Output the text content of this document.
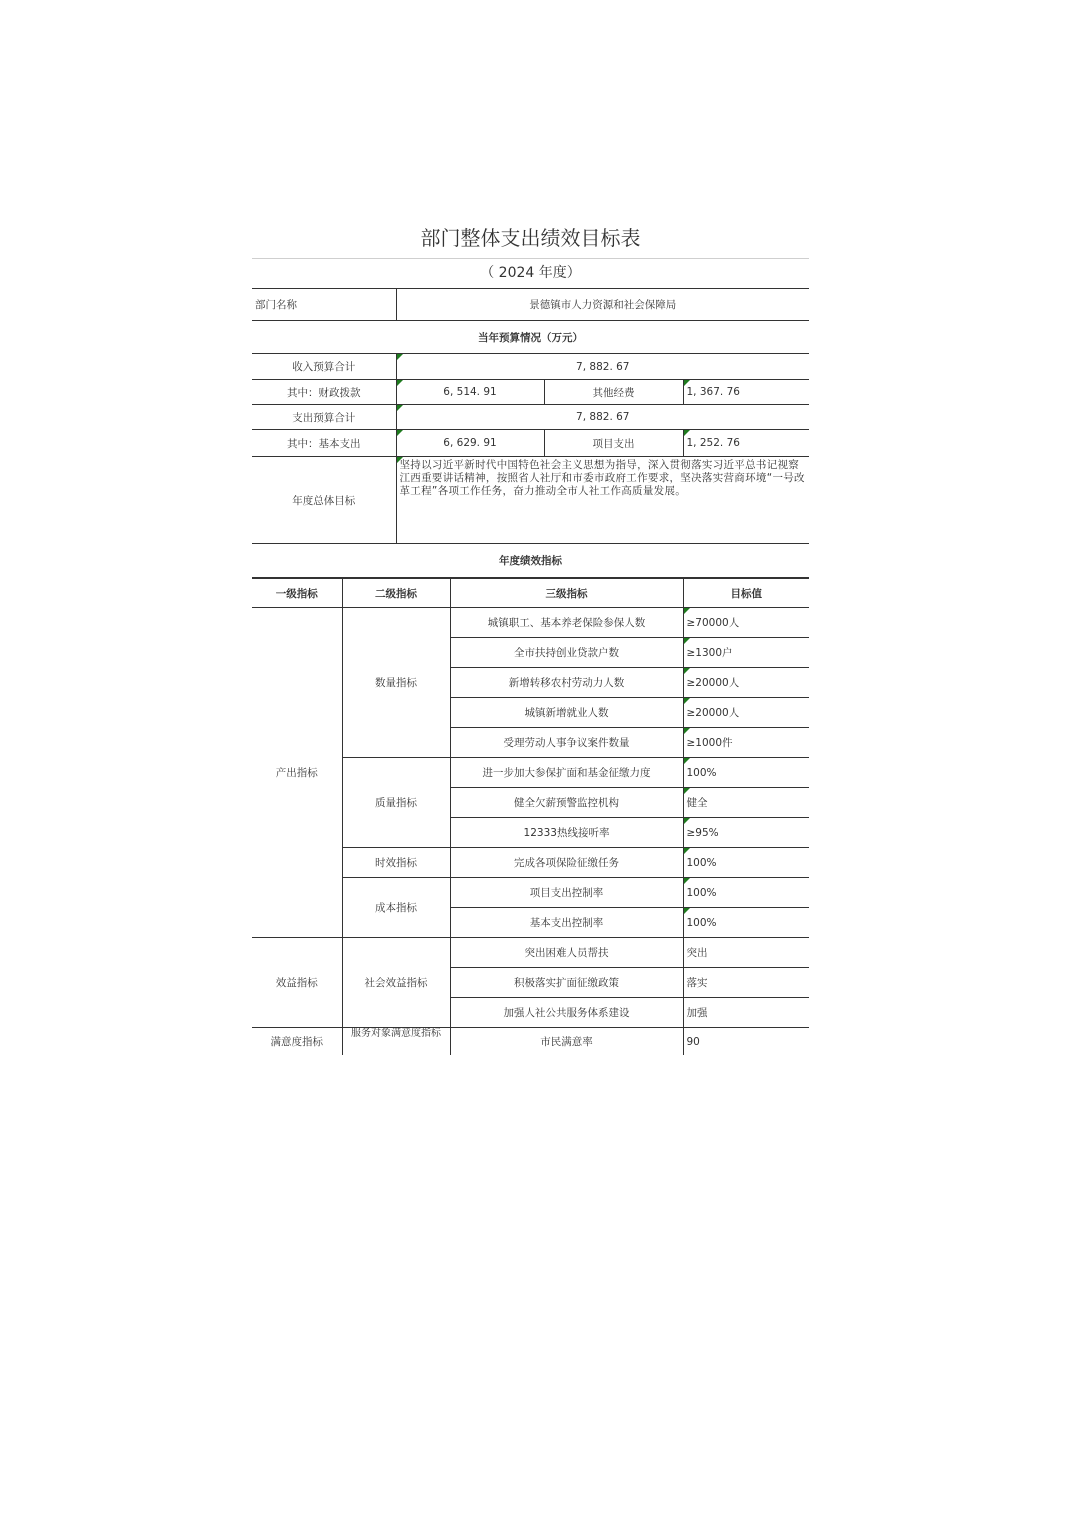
部门整体支出绩效目标表
（ 2024 年度）
部门名称	景德镇市人力资源和社会保障局		
当年预算情况（万元）			
收入预算合计	7, 882. 67		
其中：财政拨款	6, 514. 91	其他经费	1, 367. 76
支出预算合计	7, 882. 67		
其中：基本支出	6, 629. 91	项目支出	1, 252. 76
年度总体目标	坚持以习近平新时代中国特色社会主义思想为指导，深入贯彻落实习近平总书记视察江西重要讲话精神，按照省人社厅和市委市政府工作要求，坚决落实营商环境“一号改革工程”各项工作任务，奋力推动全市人社工作高质量发展。		
年度绩效指标			
一级指标	二级指标	三级指标	目标值
产出指标	数量指标	城镇职工、基本养老保险参保人数	≥70000人
		全市扶持创业贷款户数	≥1300户
		新增转移农村劳动力人数	≥20000人
		城镇新增就业人数	≥20000人
		受理劳动人事争议案件数量	≥1000件
	质量指标	进一步加大参保扩面和基金征缴力度	100%
		健全欠薪预警监控机构	健全
		12333热线接听率	≥95%
	时效指标	完成各项保险征缴任务	100%
	成本指标	项目支出控制率	100%
		基本支出控制率	100%
效益指标	社会效益指标	突出困难人员帮扶	突出
		积极落实扩面征缴政策	落实
		加强人社公共服务体系建设	加强
满意度指标	服务对象满意度指标	市民满意率	90
